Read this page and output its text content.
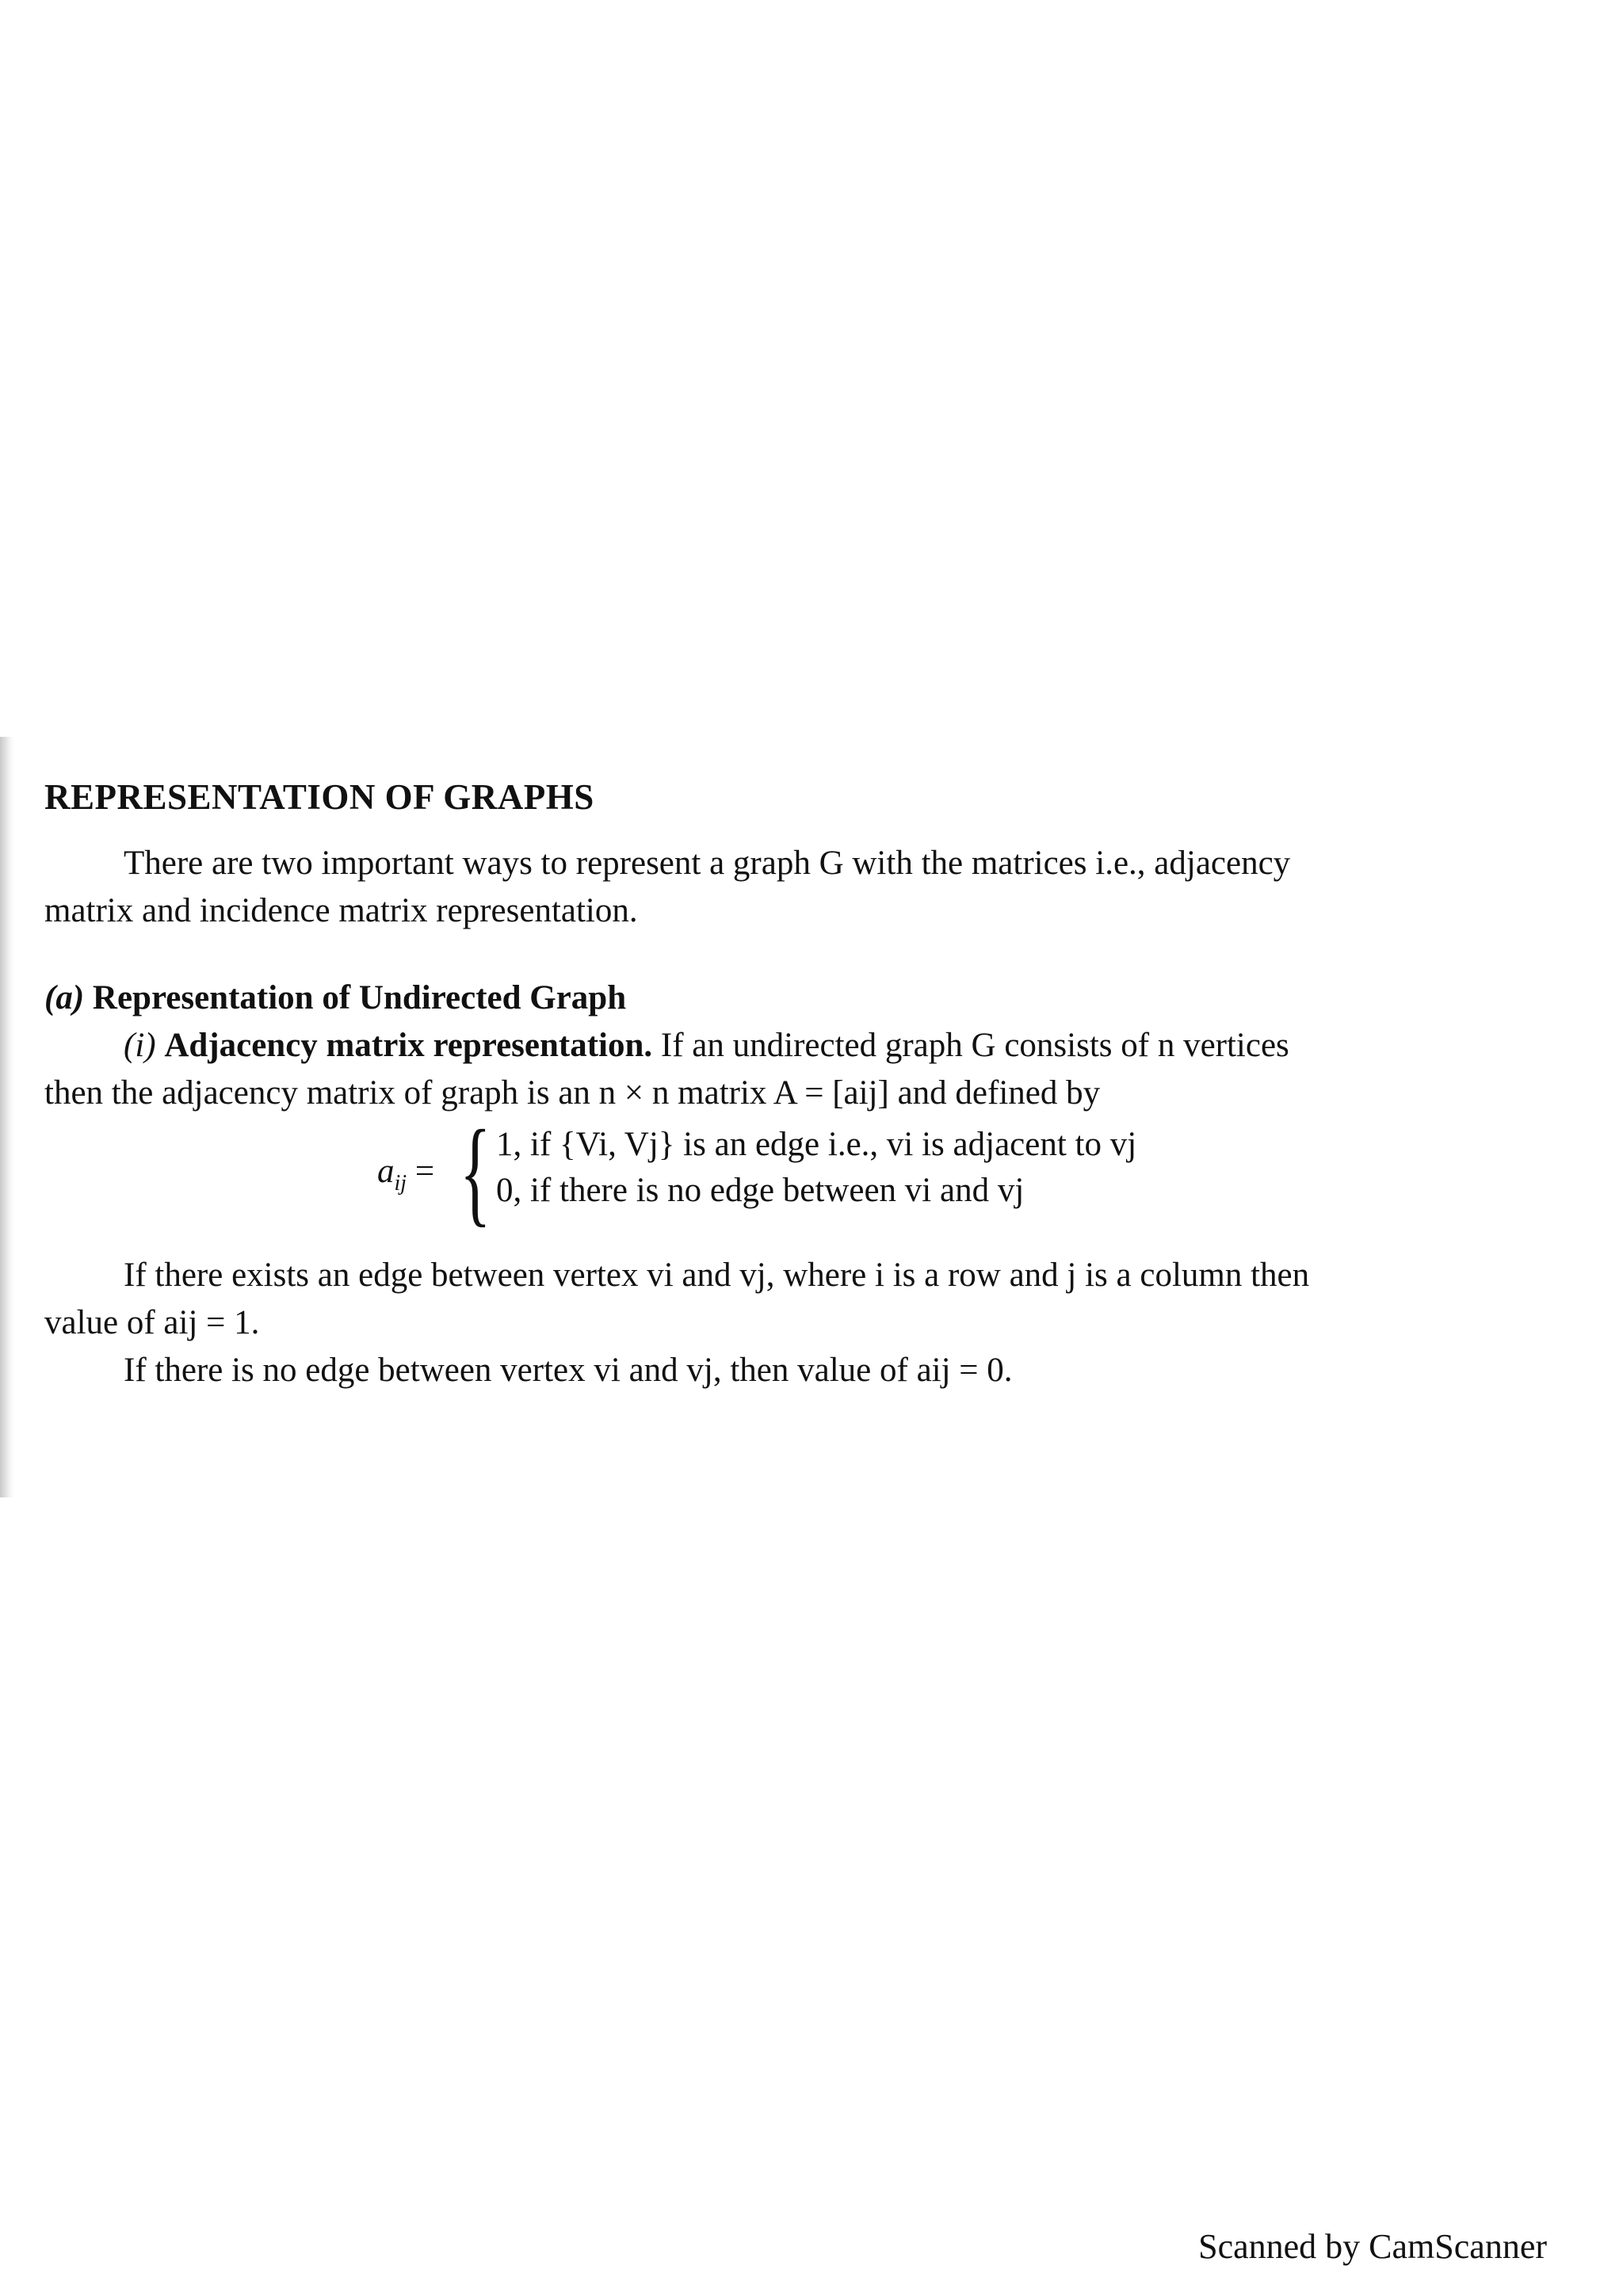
REPRESENTATION OF GRAPHS

There are two important ways to represent a graph G with the matrices i.e., adjacency
matrix and incidence matrix representation.

(a) Representation of Undirected Graph

(i) Adjacency matrix representation. If an undirected graph G consists of n vertices
then the adjacency matrix of graph is an n × n matrix A = [aij] and defined by

$a_{ij}$ = { 1, if {Vi, Vj} is an edge i.e., vi is adjacent to vj
0, if there is no edge between vi and vj

If there exists an edge between vertex vi and vj, where i is a row and j is a column then
value of aij = 1.

If there is no edge between vertex vi and vj, then value of aij = 0.

Scanned by CamScanner
